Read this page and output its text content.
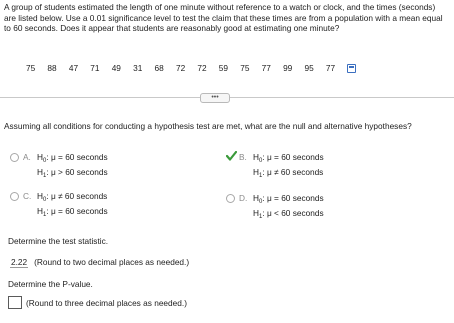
A group of students estimated the length of one minute without reference to a watch or clock, and the times (seconds) are listed below. Use a 0.01 significance level to test the claim that these times are from a population with a mean equal to 60 seconds. Does it appear that students are reasonably good at estimating one minute?
75 88 47 71 49 31 68 72 72 59 75 77 99 95 77
•••
Assuming all conditions for conducting a hypothesis test are met, what are the null and alternative hypotheses?
A. $H_0$: μ = 60 seconds
$H_1$: μ > 60 seconds
B. $H_0$: μ = 60 seconds
$H_1$: μ ≠ 60 seconds
C. $H_0$: μ ≠ 60 seconds
$H_1$: μ = 60 seconds
D. $H_0$: μ = 60 seconds
$H_1$: μ < 60 seconds
Determine the test statistic.
2.22 (Round to two decimal places as needed.)
Determine the P-value.
(Round to three decimal places as needed.)
